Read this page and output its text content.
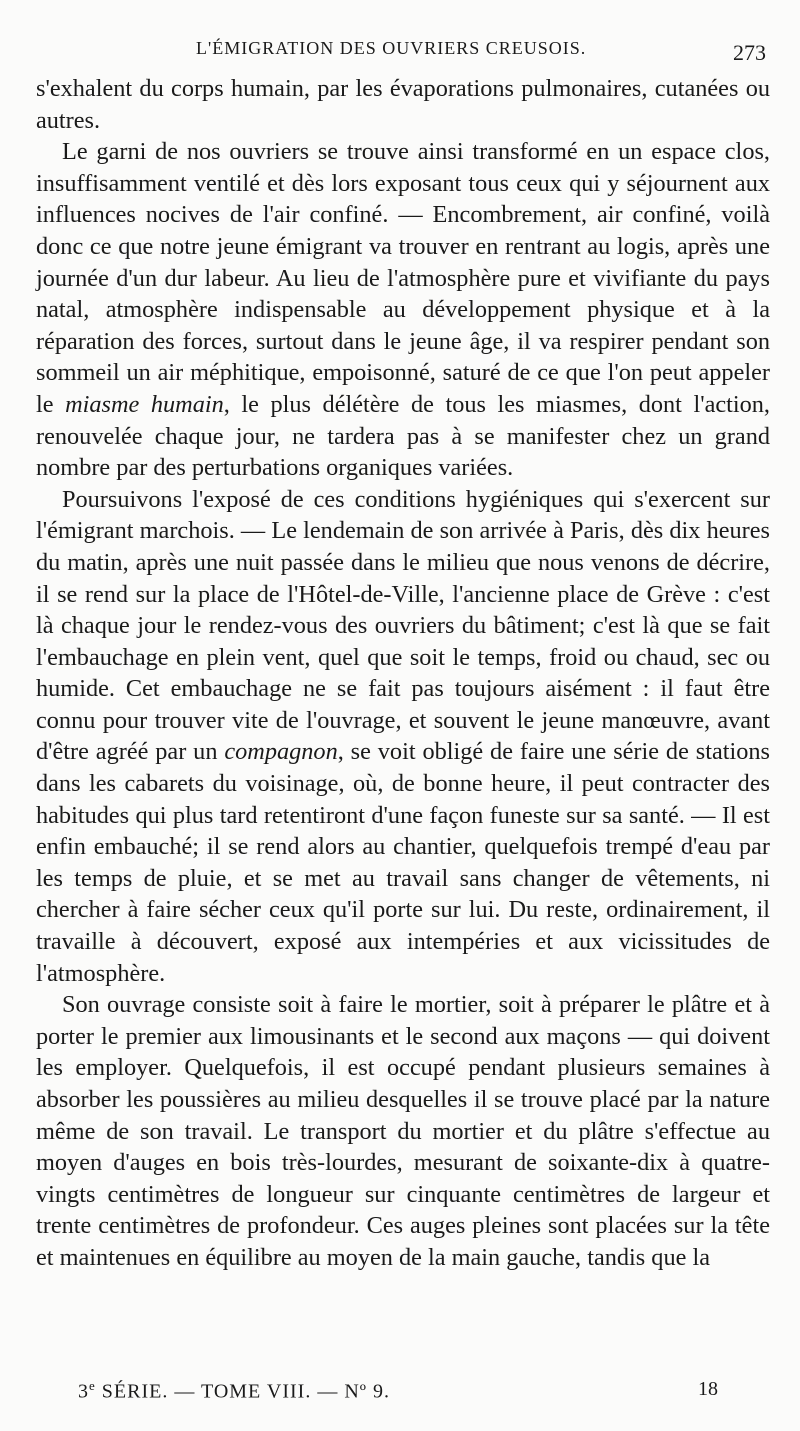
L'ÉMIGRATION DES OUVRIERS CREUSOIS.	273

s'exhalent du corps humain, par les évaporations pulmonaires, cutanées ou autres.

Le garni de nos ouvriers se trouve ainsi transformé en un espace clos, insuffisamment ventilé et dès lors exposant tous ceux qui y séjournent aux influences nocives de l'air confiné. — Encombrement, air confiné, voilà donc ce que notre jeune émigrant va trouver en rentrant au logis, après une journée d'un dur labeur. Au lieu de l'atmosphère pure et vivifiante du pays natal, atmosphère indispensable au développement physique et à la réparation des forces, surtout dans le jeune âge, il va respirer pendant son sommeil un air méphitique, empoisonné, saturé de ce que l'on peut appeler le miasme humain, le plus délétère de tous les miasmes, dont l'action, renouvelée chaque jour, ne tardera pas à se manifester chez un grand nombre par des perturbations organiques variées.

Poursuivons l'exposé de ces conditions hygiéniques qui s'exercent sur l'émigrant marchois. — Le lendemain de son arrivée à Paris, dès dix heures du matin, après une nuit passée dans le milieu que nous venons de décrire, il se rend sur la place de l'Hôtel-de-Ville, l'ancienne place de Grève : c'est là chaque jour le rendez-vous des ouvriers du bâtiment; c'est là que se fait l'embauchage en plein vent, quel que soit le temps, froid ou chaud, sec ou humide. Cet embauchage ne se fait pas toujours aisément : il faut être connu pour trouver vite de l'ouvrage, et souvent le jeune manœuvre, avant d'être agréé par un compagnon, se voit obligé de faire une série de stations dans les cabarets du voisinage, où, de bonne heure, il peut contracter des habitudes qui plus tard retentiront d'une façon funeste sur sa santé. — Il est enfin embauché; il se rend alors au chantier, quelquefois trempé d'eau par les temps de pluie, et se met au travail sans changer de vêtements, ni chercher à faire sécher ceux qu'il porte sur lui. Du reste, ordinairement, il travaille à découvert, exposé aux intempéries et aux vicissitudes de l'atmosphère.

Son ouvrage consiste soit à faire le mortier, soit à préparer le plâtre et à porter le premier aux limousinants et le second aux maçons — qui doivent les employer. Quelquefois, il est occupé pendant plusieurs semaines à absorber les poussières au milieu desquelles il se trouve placé par la nature même de son travail. Le transport du mortier et du plâtre s'effectue au moyen d'auges en bois très-lourdes, mesurant de soixante-dix à quatre-vingts centimètres de longueur sur cinquante centimètres de largeur et trente centimètres de profondeur. Ces auges pleines sont placées sur la tête et maintenues en équilibre au moyen de la main gauche, tandis que la

3e SÉRIE. — TOME VIII. — Nº 9.	18
